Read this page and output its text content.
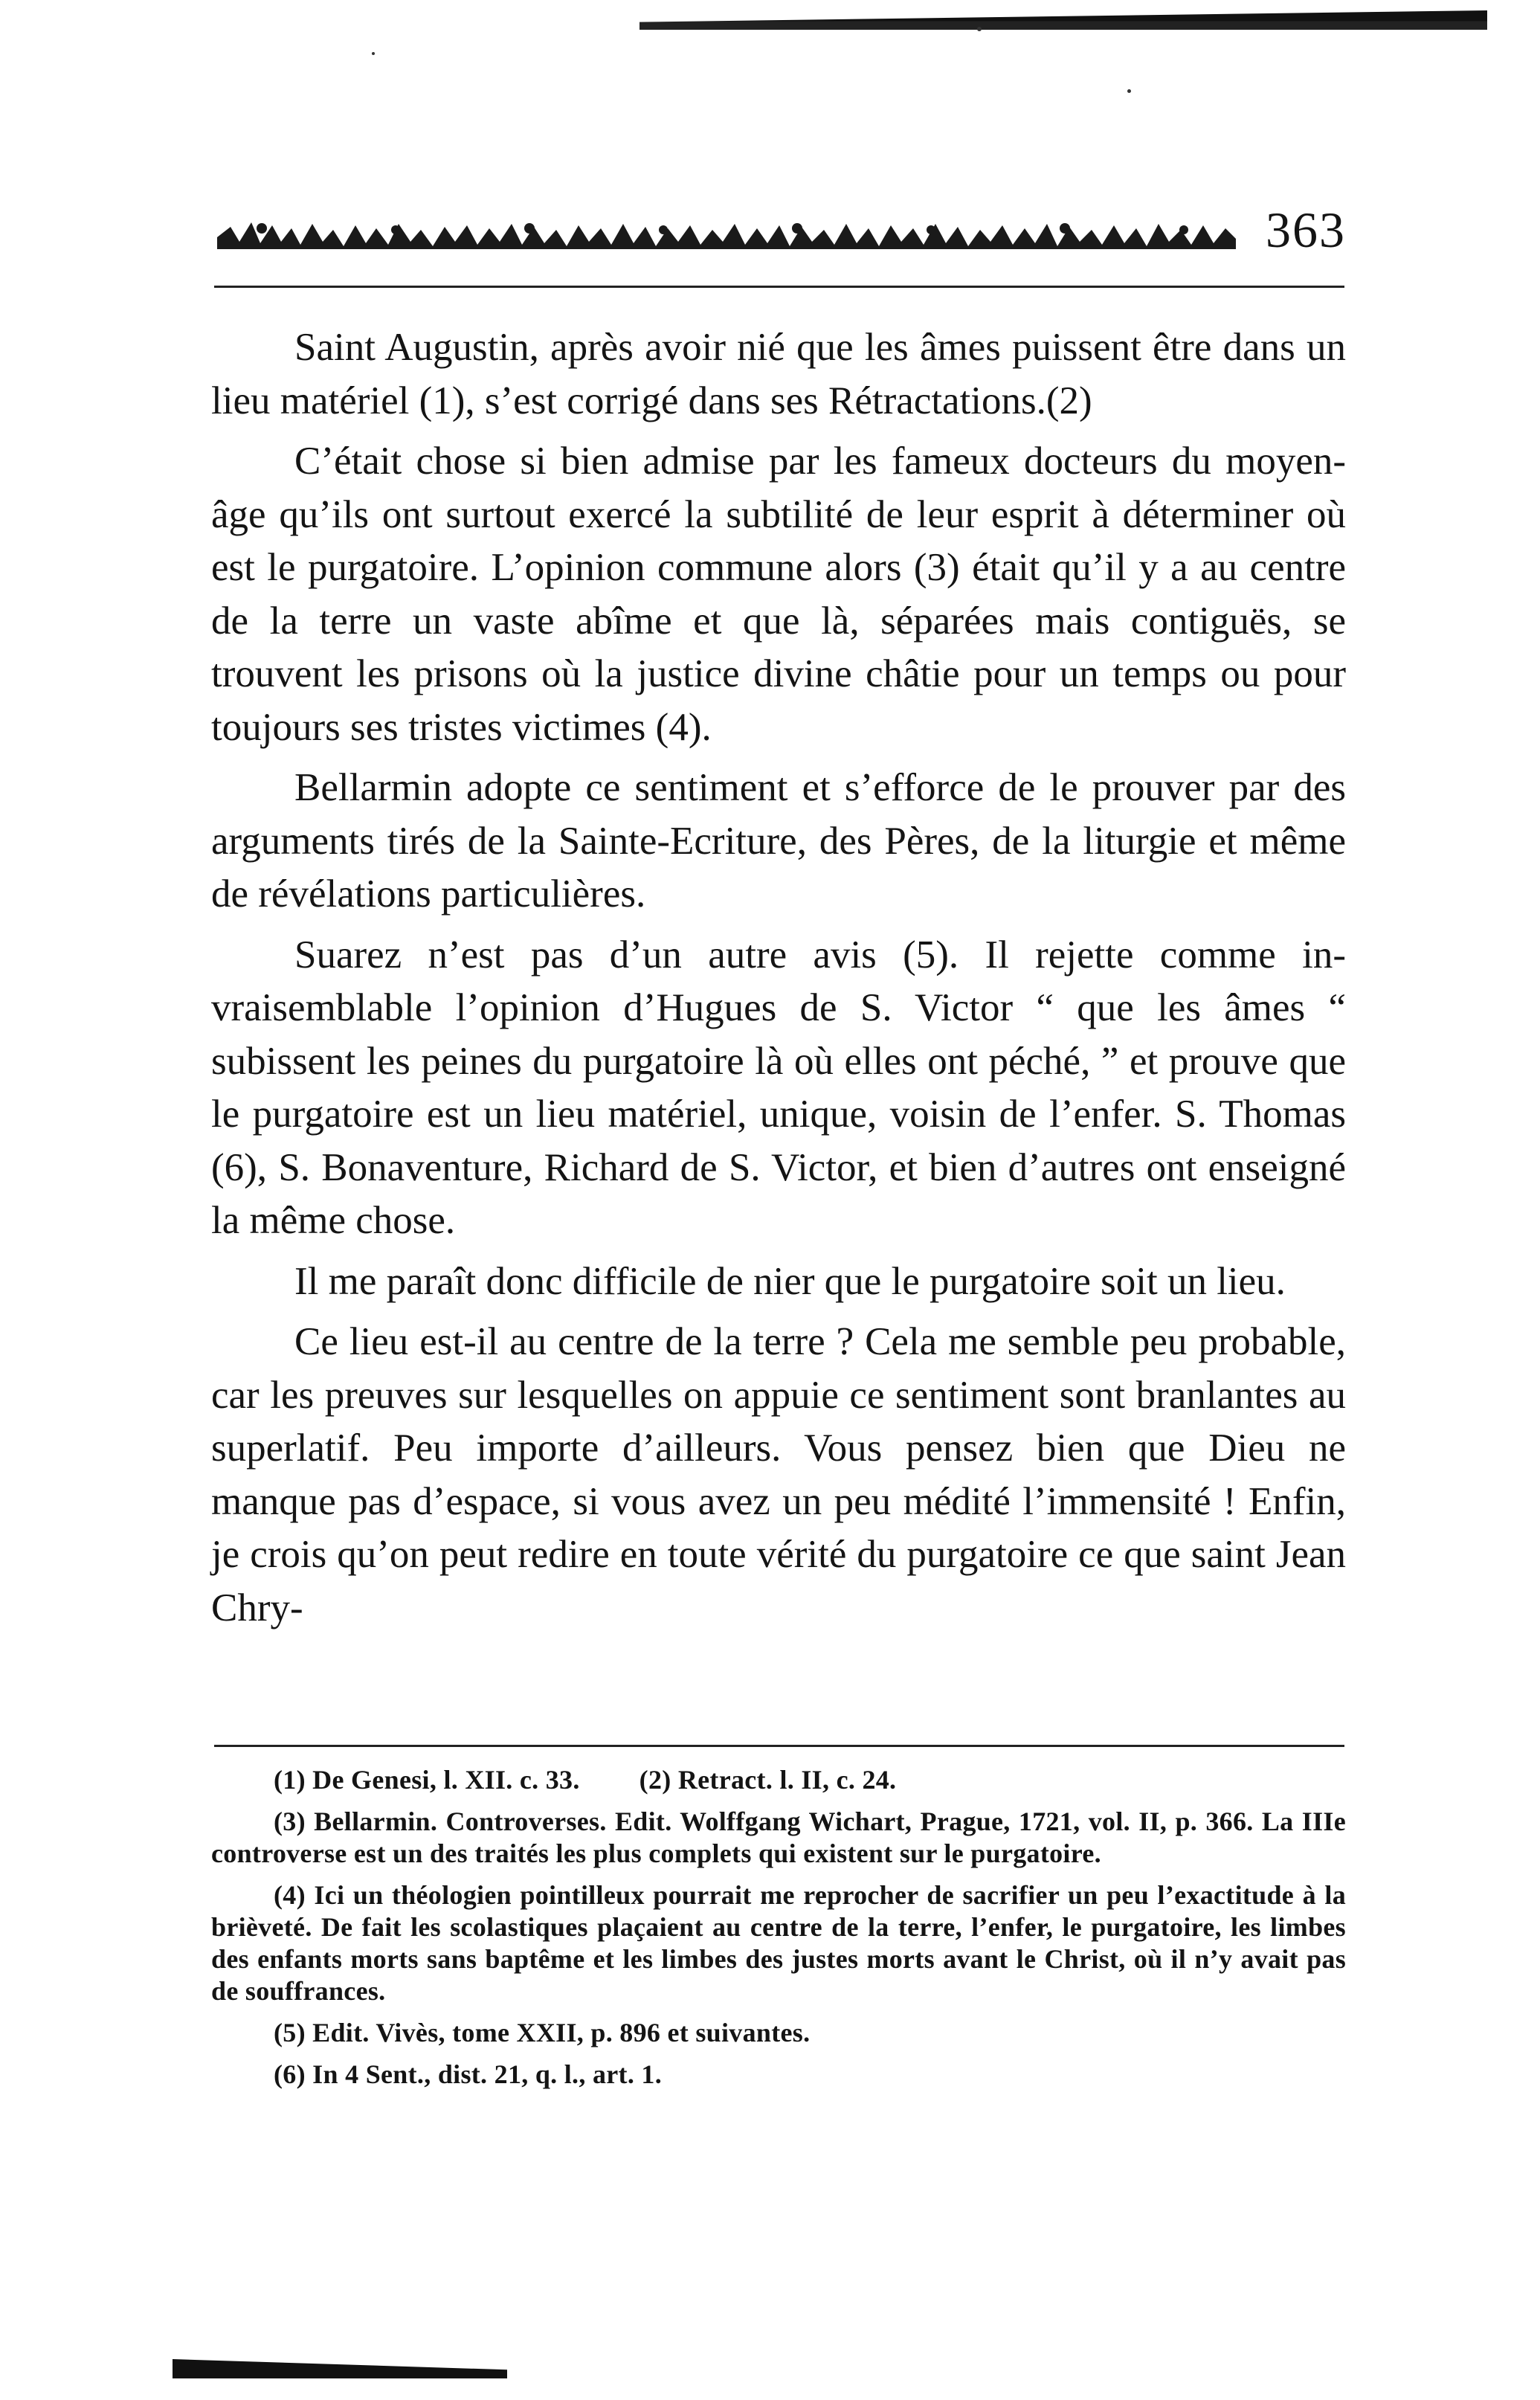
363

Saint Augustin, après avoir nié que les âmes puissent être dans un lieu matériel (1), s’est corrigé dans ses Rétractations.(2)

C’était chose si bien admise par les fameux docteurs du moyen-âge qu’ils ont surtout exercé la subtilité de leur esprit à déterminer où est le purgatoire. L’opinion commune alors (3) était qu’il y a au centre de la terre un vaste abîme et que là, séparées mais contiguës, se trouvent les prisons où la justice divine châtie pour un temps ou pour toujours ses tristes victimes (4).

Bellarmin adopte ce sentiment et s’efforce de le prouver par des arguments tirés de la Sainte-Ecriture, des Pères, de la liturgie et même de révélations particulières.

Suarez n’est pas d’un autre avis (5). Il rejette comme invraisemblable l’opinion d’Hugues de S. Victor “ que les âmes “ subissent les peines du purgatoire là où elles ont péché, ” et prouve que le purgatoire est un lieu matériel, unique, voisin de l’enfer. S. Thomas (6), S. Bonaventure, Richard de S. Victor, et bien d’autres ont enseigné la même chose.

Il me paraît donc difficile de nier que le purgatoire soit un lieu.

Ce lieu est-il au centre de la terre ? Cela me semble peu probable, car les preuves sur lesquelles on appuie ce sentiment sont branlantes au superlatif. Peu importe d’ailleurs. Vous pensez bien que Dieu ne manque pas d’espace, si vous avez un peu médité l’immensité ! Enfin, je crois qu’on peut redire en toute vérité du purgatoire ce que saint Jean Chry-

(1) De Genesi, l. XII. c. 33. (2) Retract. l. II, c. 24.

(3) Bellarmin. Controverses. Edit. Wolffgang Wichart, Prague, 1721, vol. II, p. 366. La IIIe controverse est un des traités les plus complets qui existent sur le purgatoire.

(4) Ici un théologien pointilleux pourrait me reprocher de sacrifier un peu l’exactitude à la brièveté. De fait les scolastiques plaçaient au centre de la terre, l’enfer, le purgatoire, les limbes des enfants morts sans baptême et les limbes des justes morts avant le Christ, où il n’y avait pas de souffrances.

(5) Edit. Vivès, tome XXII, p. 896 et suivantes.

(6) In 4 Sent., dist. 21, q. l., art. 1.
